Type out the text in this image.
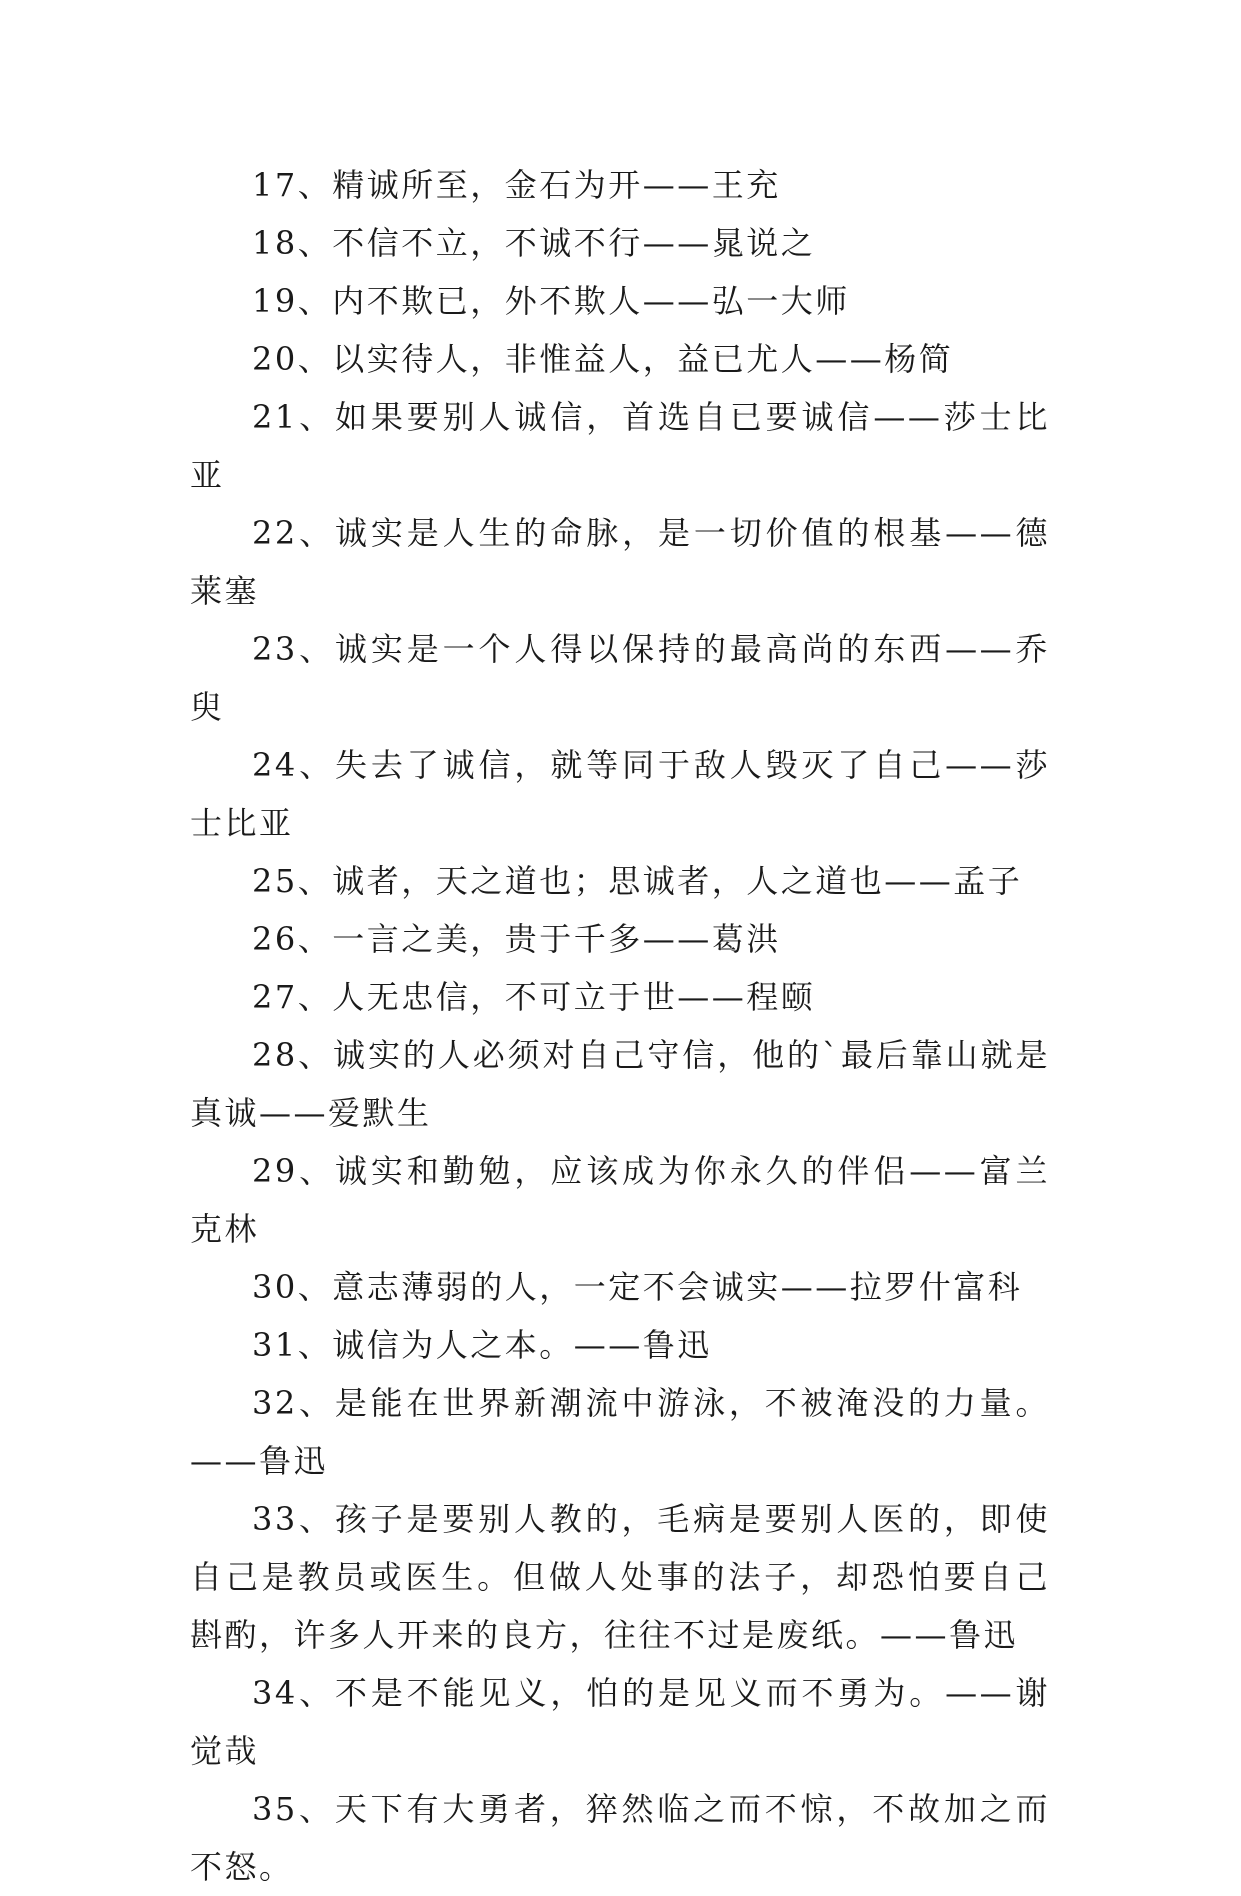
17、精诚所至，金石为开——王充

18、不信不立，不诚不行——晁说之

19、内不欺已，外不欺人——弘一大师

20、以实待人，非惟益人，益已尤人——杨简

21、如果要别人诚信，首选自已要诚信——莎士比亚

22、诚实是人生的命脉，是一切价值的根基——德莱塞

23、诚实是一个人得以保持的最高尚的东西——乔臾

24、失去了诚信，就等同于敌人毁灭了自己——莎士比亚

25、诚者，天之道也；思诚者，人之道也——孟子

26、一言之美，贵于千多——葛洪

27、人无忠信，不可立于世——程颐

28、诚实的人必须对自己守信，他的`最后靠山就是真诚——爱默生

29、诚实和勤勉，应该成为你永久的伴侣——富兰克林

30、意志薄弱的人，一定不会诚实——拉罗什富科

31、诚信为人之本。——鲁迅

32、是能在世界新潮流中游泳，不被淹没的力量。——鲁迅

33、孩子是要别人教的，毛病是要别人医的，即使自己是教员或医生。但做人处事的法子，却恐怕要自己斟酌，许多人开来的良方，往往不过是废纸。——鲁迅

34、不是不能见义，怕的是见义而不勇为。——谢觉哉

35、天下有大勇者，猝然临之而不惊，不故加之而不怒。
